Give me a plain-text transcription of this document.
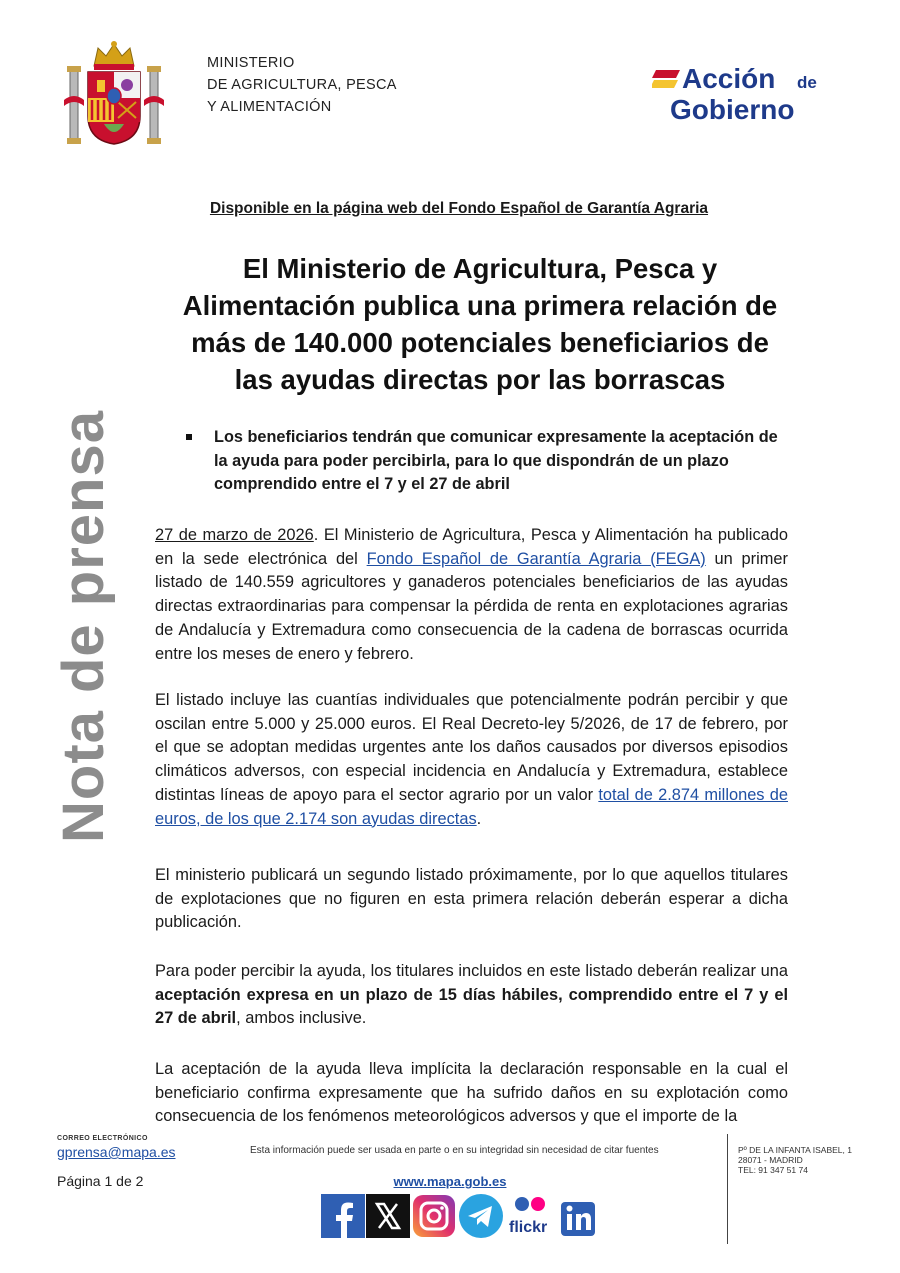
MINISTERIO
DE AGRICULTURA, PESCA
Y ALIMENTACIÓN
Acción de
Gobierno
Nota de prensa
Disponible en la página web del Fondo Español de Garantía Agraria
El Ministerio de Agricultura, Pesca y Alimentación publica una primera relación de más de 140.000 potenciales beneficiarios de las ayudas directas por las borrascas
Los beneficiarios tendrán que comunicar expresamente la aceptación de la ayuda para poder percibirla, para lo que dispondrán de un plazo comprendido entre el 7 y el 27 de abril
27 de marzo de 2026. El Ministerio de Agricultura, Pesca y Alimentación ha publicado en la sede electrónica del Fondo Español de Garantía Agraria (FEGA) un primer listado de 140.559 agricultores y ganaderos potenciales beneficiarios de las ayudas directas extraordinarias para compensar la pérdida de renta en explotaciones agrarias de Andalucía y Extremadura como consecuencia de la cadena de borrascas ocurrida entre los meses de enero y febrero.
El listado incluye las cuantías individuales que potencialmente podrán percibir y que oscilan entre 5.000 y 25.000 euros. El Real Decreto-ley 5/2026, de 17 de febrero, por el que se adoptan medidas urgentes ante los daños causados por diversos episodios climáticos adversos, con especial incidencia en Andalucía y Extremadura, establece distintas líneas de apoyo para el sector agrario por un valor total de 2.874 millones de euros, de los que 2.174 son ayudas directas.
El ministerio publicará un segundo listado próximamente, por lo que aquellos titulares de explotaciones que no figuren en esta primera relación deberán esperar a dicha publicación.
Para poder percibir la ayuda, los titulares incluidos en este listado deberán realizar una aceptación expresa en un plazo de 15 días hábiles, comprendido entre el 7 y el 27 de abril, ambos inclusive.
La aceptación de la ayuda lleva implícita la declaración responsable en la cual el beneficiario confirma expresamente que ha sufrido daños en su explotación como consecuencia de los fenómenos meteorológicos adversos y que el importe de la
CORREO ELECTRÓNICO
gprensa@mapa.es
Página 1 de 2
Esta información puede ser usada en parte o en su integridad sin necesidad de citar fuentes	Pº DE LA INFANTA ISABEL, 1
28071 - MADRID
TEL: 91 347 51 74
www.mapa.gob.es
flickr
